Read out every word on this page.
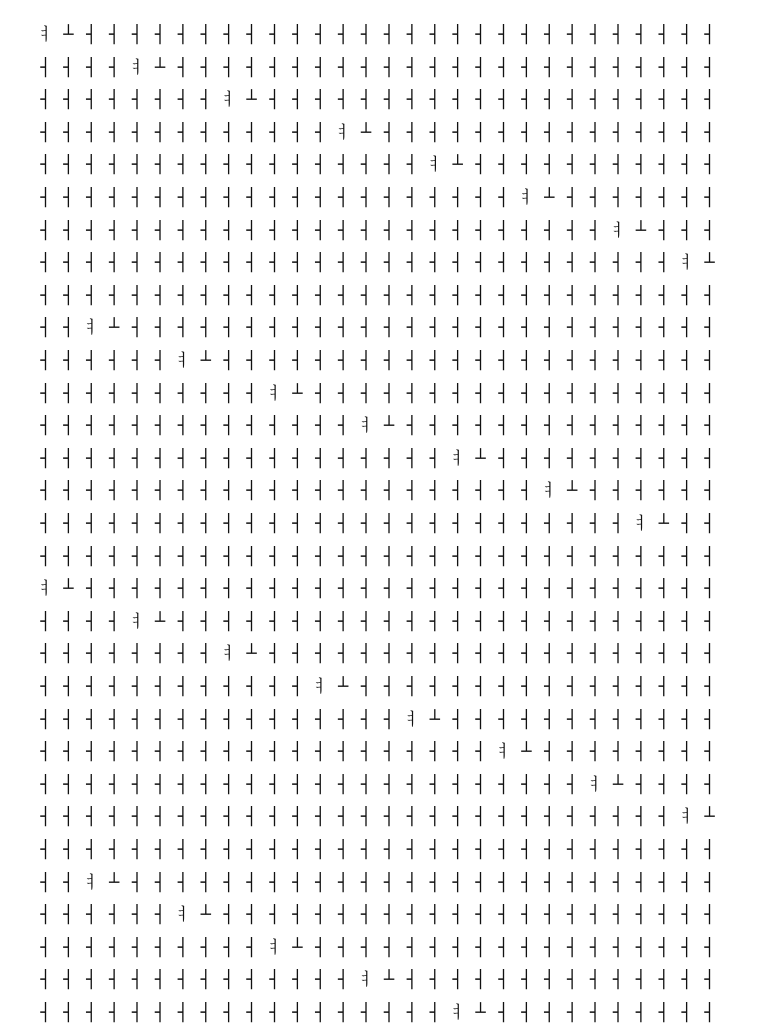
ㅕ ┴ ┤ ┤ ┤ ┤ ┤ ┤ ┤ ┤ ┤ ┤ ┤ ┤ ┤ ┤ ┤ ┤ ┤ ┤ ┤ ┤ ┤ ┤ ┤ ┤ ┤ ┤ ┤ ┤
┤ ┤ ┤ ┤ ㅕ ┴ ┤ ┤ ┤ ┤ ┤ ┤ ┤ ┤ ┤ ┤ ┤ ┤ ┤ ┤ ┤ ┤ ┤ ┤ ┤ ┤ ┤ ┤ ┤ ┤
┤ ┤ ┤ ┤ ┤ ┤ ┤ ┤ ㅕ ┴ ┤ ┤ ┤ ┤ ┤ ┤ ┤ ┤ ┤ ┤ ┤ ┤ ┤ ┤ ┤ ┤ ┤ ┤ ┤ ┤
┤ ┤ ┤ ┤ ┤ ┤ ┤ ┤ ┤ ┤ ┤ ┤ ┤ ㅕ ┴ ┤ ┤ ┤ ┤ ┤ ┤ ┤ ┤ ┤ ┤ ┤ ┤ ┤ ┤ ┤
┤ ┤ ┤ ┤ ┤ ┤ ┤ ┤ ┤ ┤ ┤ ┤ ┤ ┤ ┤ ┤ ┤ ㅕ ┴ ┤ ┤ ┤ ┤ ┤ ┤ ┤ ┤ ┤ ┤ ┤
┤ ┤ ┤ ┤ ┤ ┤ ┤ ┤ ┤ ┤ ┤ ┤ ┤ ┤ ┤ ┤ ┤ ┤ ┤ ┤ ┤ ㅕ ┴ ┤ ┤ ┤ ┤ ┤ ┤ ┤
┤ ┤ ┤ ┤ ┤ ┤ ┤ ┤ ┤ ┤ ┤ ┤ ┤ ┤ ┤ ┤ ┤ ┤ ┤ ┤ ┤ ┤ ┤ ┤ ┤ ㅕ ┴ ┤ ┤ ┤
┤ ┤ ┤ ┤ ┤ ┤ ┤ ┤ ┤ ┤ ┤ ┤ ┤ ┤ ┤ ┤ ┤ ┤ ┤ ┤ ┤ ┤ ┤ ┤ ┤ ┤ ┤ ┤ ㅕ ┴
┤ ┤ ┤ ┤ ┤ ┤ ┤ ┤ ┤ ┤ ┤ ┤ ┤ ┤ ┤ ┤ ┤ ┤ ┤ ┤ ┤ ┤ ┤ ┤ ┤ ┤ ┤ ┤ ┤ ┤
┤ ┤ ㅕ ┴ ┤ ┤ ┤ ┤ ┤ ┤ ┤ ┤ ┤ ┤ ┤ ┤ ┤ ┤ ┤ ┤ ┤ ┤ ┤ ┤ ┤ ┤ ┤ ┤ ┤ ┤
┤ ┤ ┤ ┤ ┤ ┤ ㅕ ┴ ┤ ┤ ┤ ┤ ┤ ┤ ┤ ┤ ┤ ┤ ┤ ┤ ┤ ┤ ┤ ┤ ┤ ┤ ┤ ┤ ┤ ┤
┤ ┤ ┤ ┤ ┤ ┤ ┤ ┤ ┤ ┤ ㅕ ┴ ┤ ┤ ┤ ┤ ┤ ┤ ┤ ┤ ┤ ┤ ┤ ┤ ┤ ┤ ┤ ┤ ┤ ┤
┤ ┤ ┤ ┤ ┤ ┤ ┤ ┤ ┤ ┤ ┤ ┤ ┤ ┤ ㅕ ┴ ┤ ┤ ┤ ┤ ┤ ┤ ┤ ┤ ┤ ┤ ┤ ┤ ┤ ┤
┤ ┤ ┤ ┤ ┤ ┤ ┤ ┤ ┤ ┤ ┤ ┤ ┤ ┤ ┤ ┤ ┤ ┤ ㅕ ┴ ┤ ┤ ┤ ┤ ┤ ┤ ┤ ┤ ┤ ┤
┤ ┤ ┤ ┤ ┤ ┤ ┤ ┤ ┤ ┤ ┤ ┤ ┤ ┤ ┤ ┤ ┤ ┤ ┤ ┤ ┤ ┤ ㅕ ┴ ┤ ┤ ┤ ┤ ┤ ┤
┤ ┤ ┤ ┤ ┤ ┤ ┤ ┤ ┤ ┤ ┤ ┤ ┤ ┤ ┤ ┤ ┤ ┤ ┤ ┤ ┤ ┤ ┤ ┤ ┤ ┤ ㅕ ┴ ┤ ┤
┤ ┤ ┤ ┤ ┤ ┤ ┤ ┤ ┤ ┤ ┤ ┤ ┤ ┤ ┤ ┤ ┤ ┤ ┤ ┤ ┤ ┤ ┤ ┤ ┤ ┤ ┤ ┤ ┤ ┤
ㅕ ┴ ┤ ┤ ┤ ┤ ┤ ┤ ┤ ┤ ┤ ┤ ┤ ┤ ┤ ┤ ┤ ┤ ┤ ┤ ┤ ┤ ┤ ┤ ┤ ┤ ┤ ┤ ┤ ┤
┤ ┤ ┤ ┤ ㅕ ┴ ┤ ┤ ┤ ┤ ┤ ┤ ┤ ┤ ┤ ┤ ┤ ┤ ┤ ┤ ┤ ┤ ┤ ┤ ┤ ┤ ┤ ┤ ┤ ┤
┤ ┤ ┤ ┤ ┤ ┤ ┤ ┤ ㅕ ┴ ┤ ┤ ┤ ┤ ┤ ┤ ┤ ┤ ┤ ┤ ┤ ┤ ┤ ┤ ┤ ┤ ┤ ┤ ┤ ┤
┤ ┤ ┤ ┤ ┤ ┤ ┤ ┤ ┤ ┤ ┤ ┤ ㅕ ┴ ┤ ┤ ┤ ┤ ┤ ┤ ┤ ┤ ┤ ┤ ┤ ┤ ┤ ┤ ┤ ┤
┤ ┤ ┤ ┤ ┤ ┤ ┤ ┤ ┤ ┤ ┤ ┤ ┤ ┤ ┤ ┤ ㅕ ┴ ┤ ┤ ┤ ┤ ┤ ┤ ┤ ┤ ┤ ┤ ┤ ┤
┤ ┤ ┤ ┤ ┤ ┤ ┤ ┤ ┤ ┤ ┤ ┤ ┤ ┤ ┤ ┤ ┤ ┤ ┤ ┤ ㅕ ┴ ┤ ┤ ┤ ┤ ┤ ┤ ┤ ┤
┤ ┤ ┤ ┤ ┤ ┤ ┤ ┤ ┤ ┤ ┤ ┤ ┤ ┤ ┤ ┤ ┤ ┤ ┤ ┤ ┤ ┤ ┤ ┤ ㅕ ┴ ┤ ┤ ┤ ┤
┤ ┤ ┤ ┤ ┤ ┤ ┤ ┤ ┤ ┤ ┤ ┤ ┤ ┤ ┤ ┤ ┤ ┤ ┤ ┤ ┤ ┤ ┤ ┤ ┤ ┤ ┤ ┤ ㅕ ┴
┤ ┤ ┤ ┤ ┤ ┤ ┤ ┤ ┤ ┤ ┤ ┤ ┤ ┤ ┤ ┤ ┤ ┤ ┤ ┤ ┤ ┤ ┤ ┤ ┤ ┤ ┤ ┤ ┤ ┤
┤ ┤ ㅕ ┴ ┤ ┤ ┤ ┤ ┤ ┤ ┤ ┤ ┤ ┤ ┤ ┤ ┤ ┤ ┤ ┤ ┤ ┤ ┤ ┤ ┤ ┤ ┤ ┤ ┤ ┤
┤ ┤ ┤ ┤ ┤ ┤ ㅕ ┴ ┤ ┤ ┤ ┤ ┤ ┤ ┤ ┤ ┤ ┤ ┤ ┤ ┤ ┤ ┤ ┤ ┤ ┤ ┤ ┤ ┤ ┤
┤ ┤ ┤ ┤ ┤ ┤ ┤ ┤ ┤ ┤ ㅕ ┴ ┤ ┤ ┤ ┤ ┤ ┤ ┤ ┤ ┤ ┤ ┤ ┤ ┤ ┤ ┤ ┤ ┤ ┤
┤ ┤ ┤ ┤ ┤ ┤ ┤ ┤ ┤ ┤ ┤ ┤ ┤ ┤ ㅕ ┴ ┤ ┤ ┤ ┤ ┤ ┤ ┤ ┤ ┤ ┤ ┤ ┤ ┤ ┤
┤ ┤ ┤ ┤ ┤ ┤ ┤ ┤ ┤ ┤ ┤ ┤ ┤ ┤ ┤ ┤ ┤ ┤ ㅕ ┴ ┤ ┤ ┤ ┤ ┤ ┤ ┤ ┤ ┤ ┤
